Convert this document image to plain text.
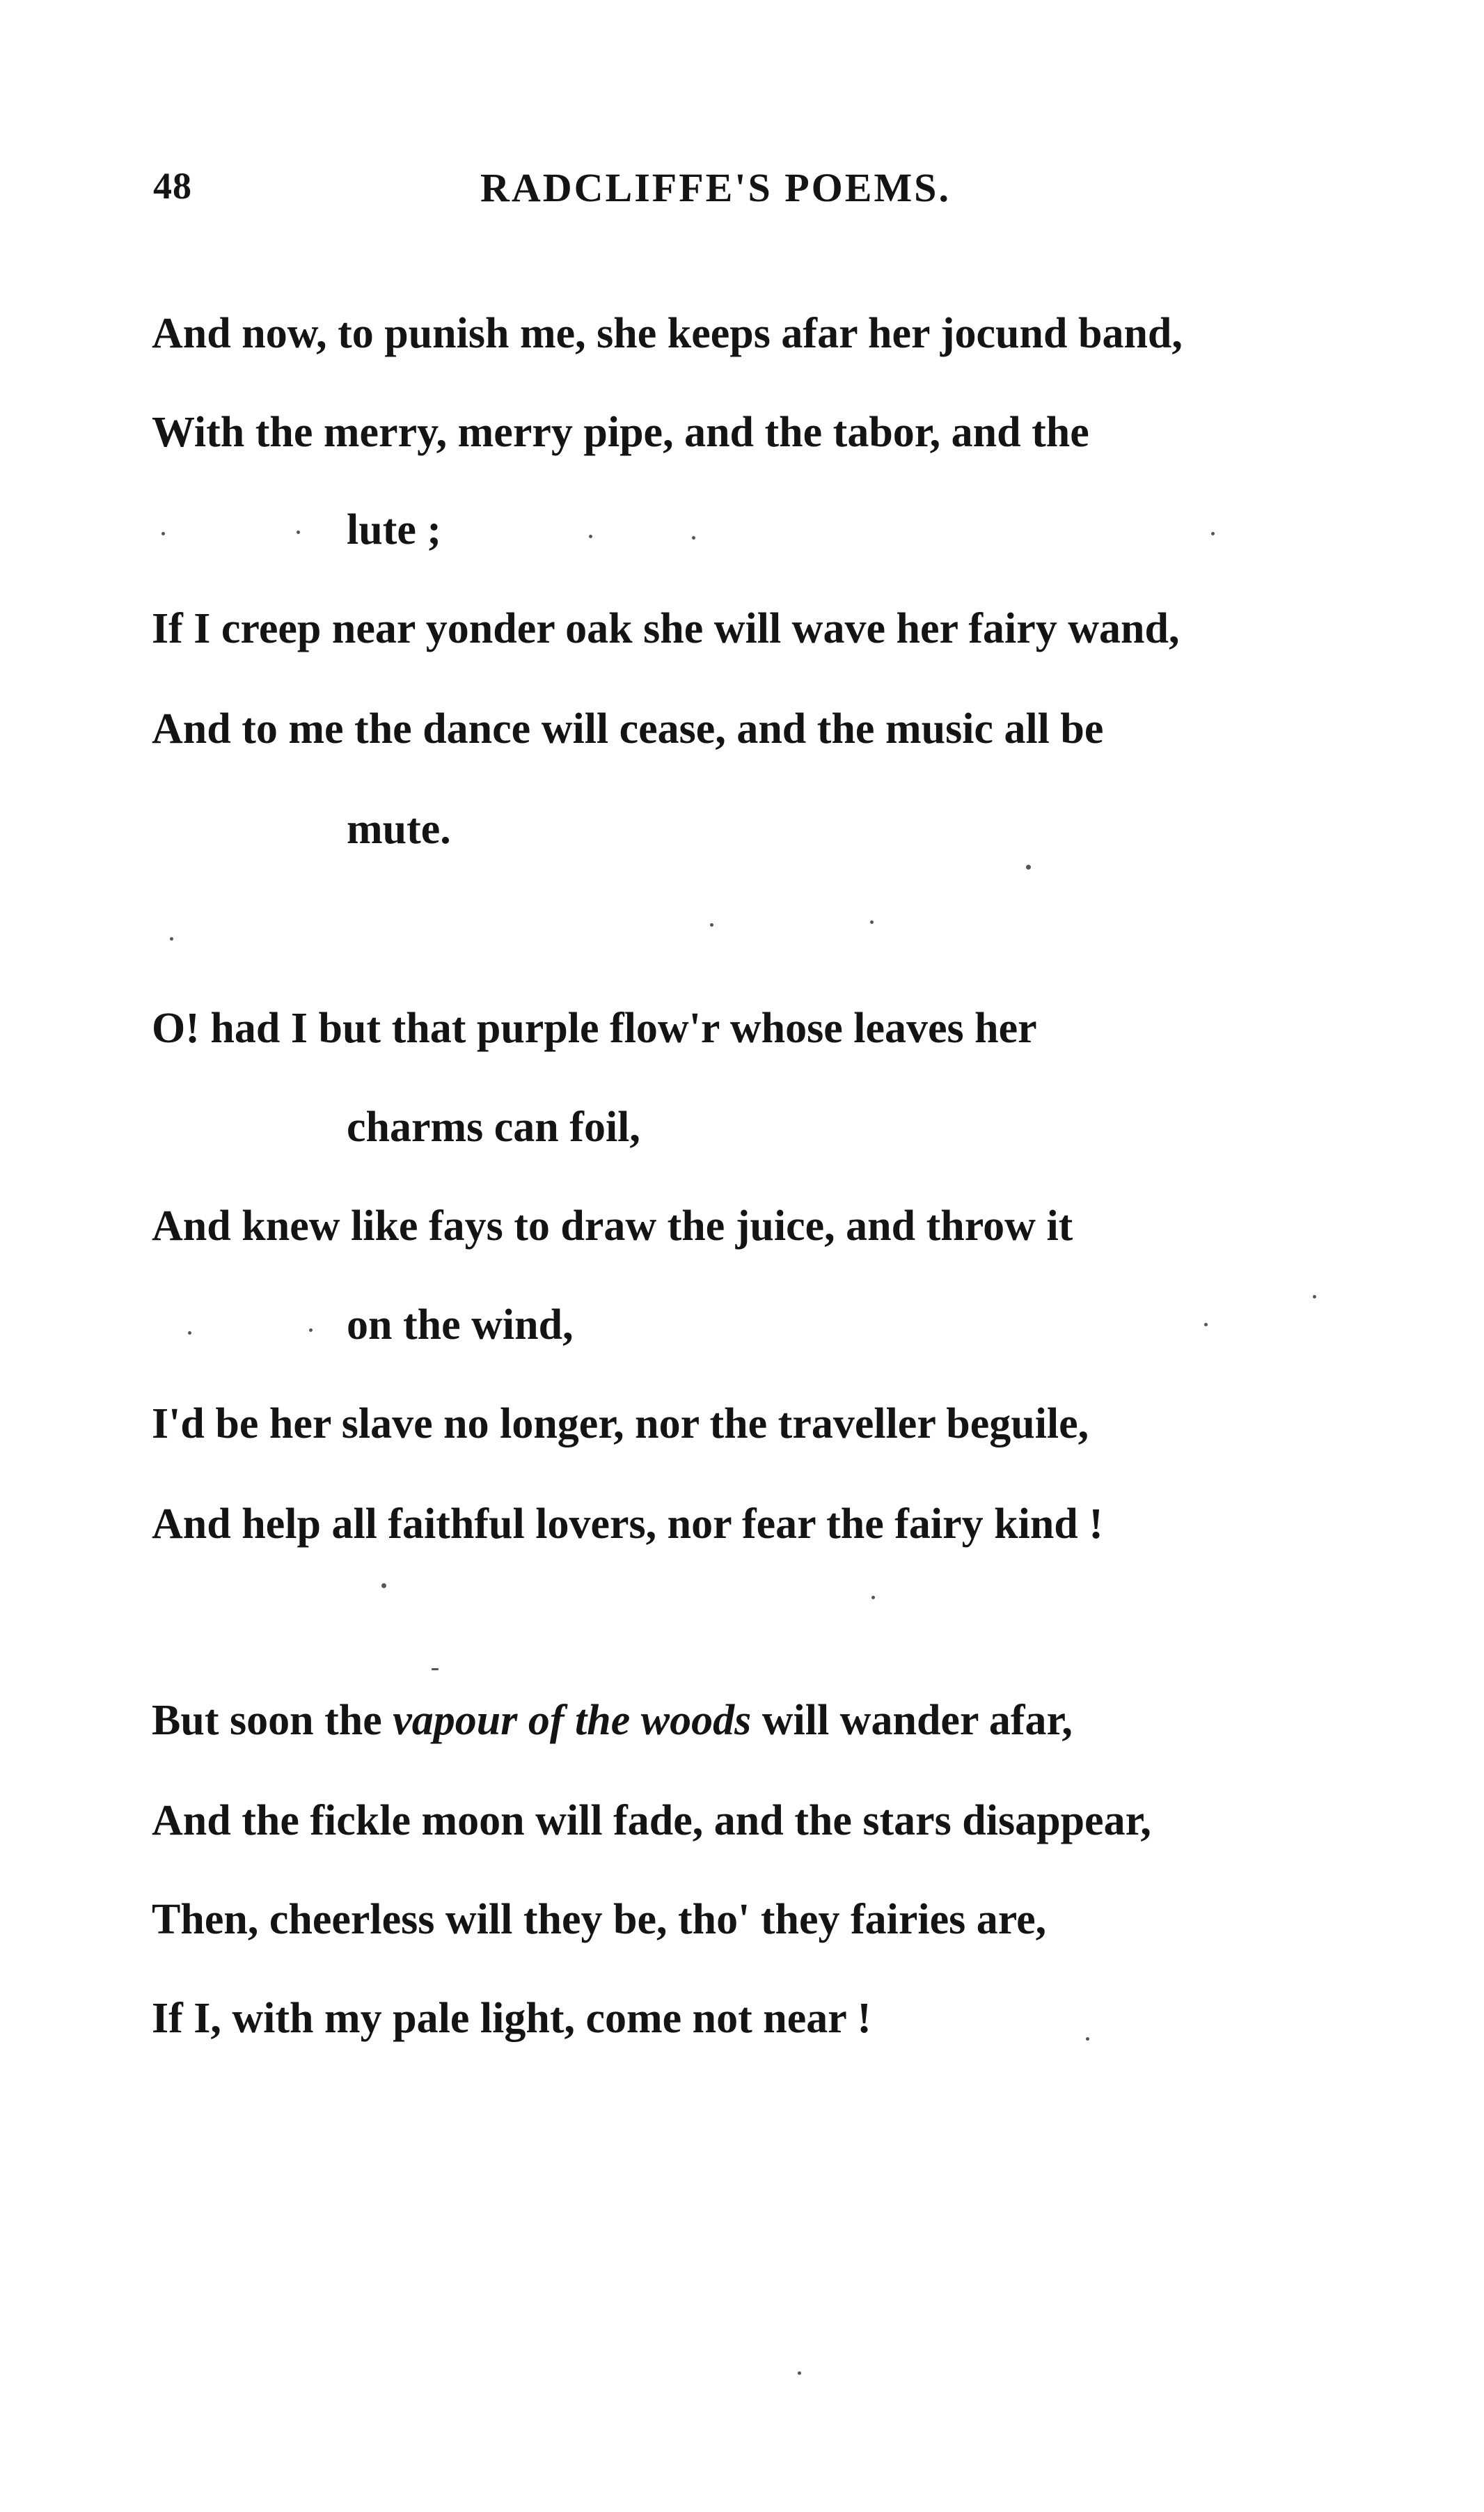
48	RADCLIFFE'S POEMS.
And now, to punish me, she keeps afar her jocund band,
With the merry, merry pipe, and the tabor, and the
lute ;
If I creep near yonder oak she will wave her fairy wand,
And to me the dance will cease, and the music all be
mute.
O! had I but that purple flow'r whose leaves her
charms can foil,
And knew like fays to draw the juice, and throw it
on the wind,
I'd be her slave no longer, nor the traveller beguile,
And help all faithful lovers, nor fear the fairy kind !
But soon the vapour of the woods will wander afar,
And the fickle moon will fade, and the stars disappear,
Then, cheerless will they be, tho' they fairies are,
If I, with my pale light, come not near !
